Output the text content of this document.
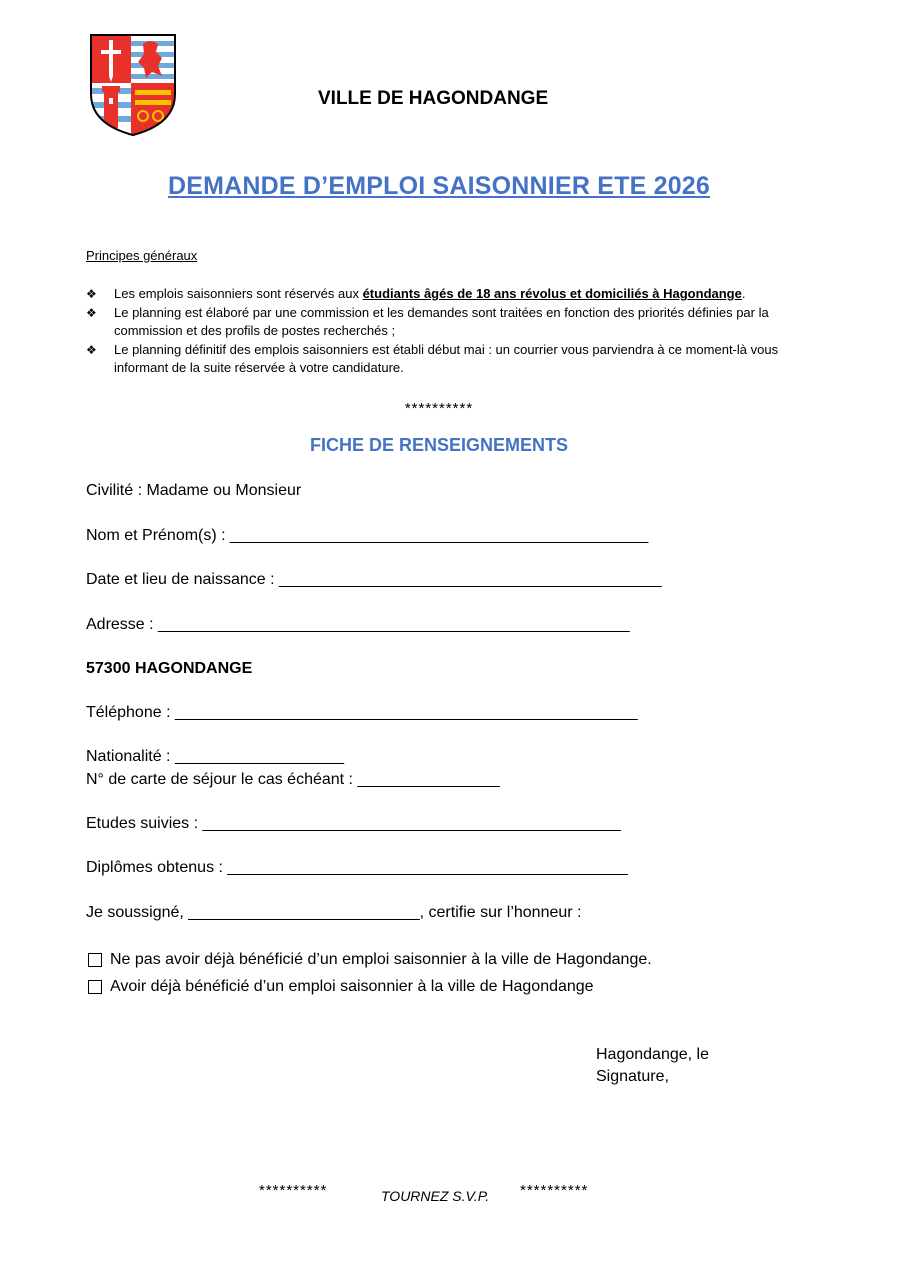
VILLE DE HAGONDANGE
DEMANDE D’EMPLOI SAISONNIER ETE 2026
Principes généraux
❖ Les emplois saisonniers sont réservés aux étudiants âgés de 18 ans révolus et domiciliés à Hagondange.
❖ Le planning est élaboré par une commission et les demandes sont traitées en fonction des priorités définies par la commission et des profils de postes recherchés ;
❖ Le planning définitif des emplois saisonniers est établi début mai : un courrier vous parviendra à ce moment-là vous informant de la suite réservée à votre candidature.
**********
FICHE DE RENSEIGNEMENTS
Civilité : Madame ou Monsieur
Nom et Prénom(s) : _______________________________________________
Date et lieu de naissance : ___________________________________________
Adresse : _____________________________________________________
57300 HAGONDANGE
Téléphone : ____________________________________________________
Nationalité : ___________________
N° de carte de séjour le cas échéant : ________________
Etudes suivies : _______________________________________________
Diplômes obtenus : _____________________________________________
Je soussigné, __________________________, certifie sur l’honneur :
Ne pas avoir déjà bénéficié d’un emploi saisonnier à la ville de Hagondange.
Avoir déjà bénéficié d’un emploi saisonnier à la ville de Hagondange
Hagondange, le
Signature,
**********	TOURNEZ S.V.P. **********
